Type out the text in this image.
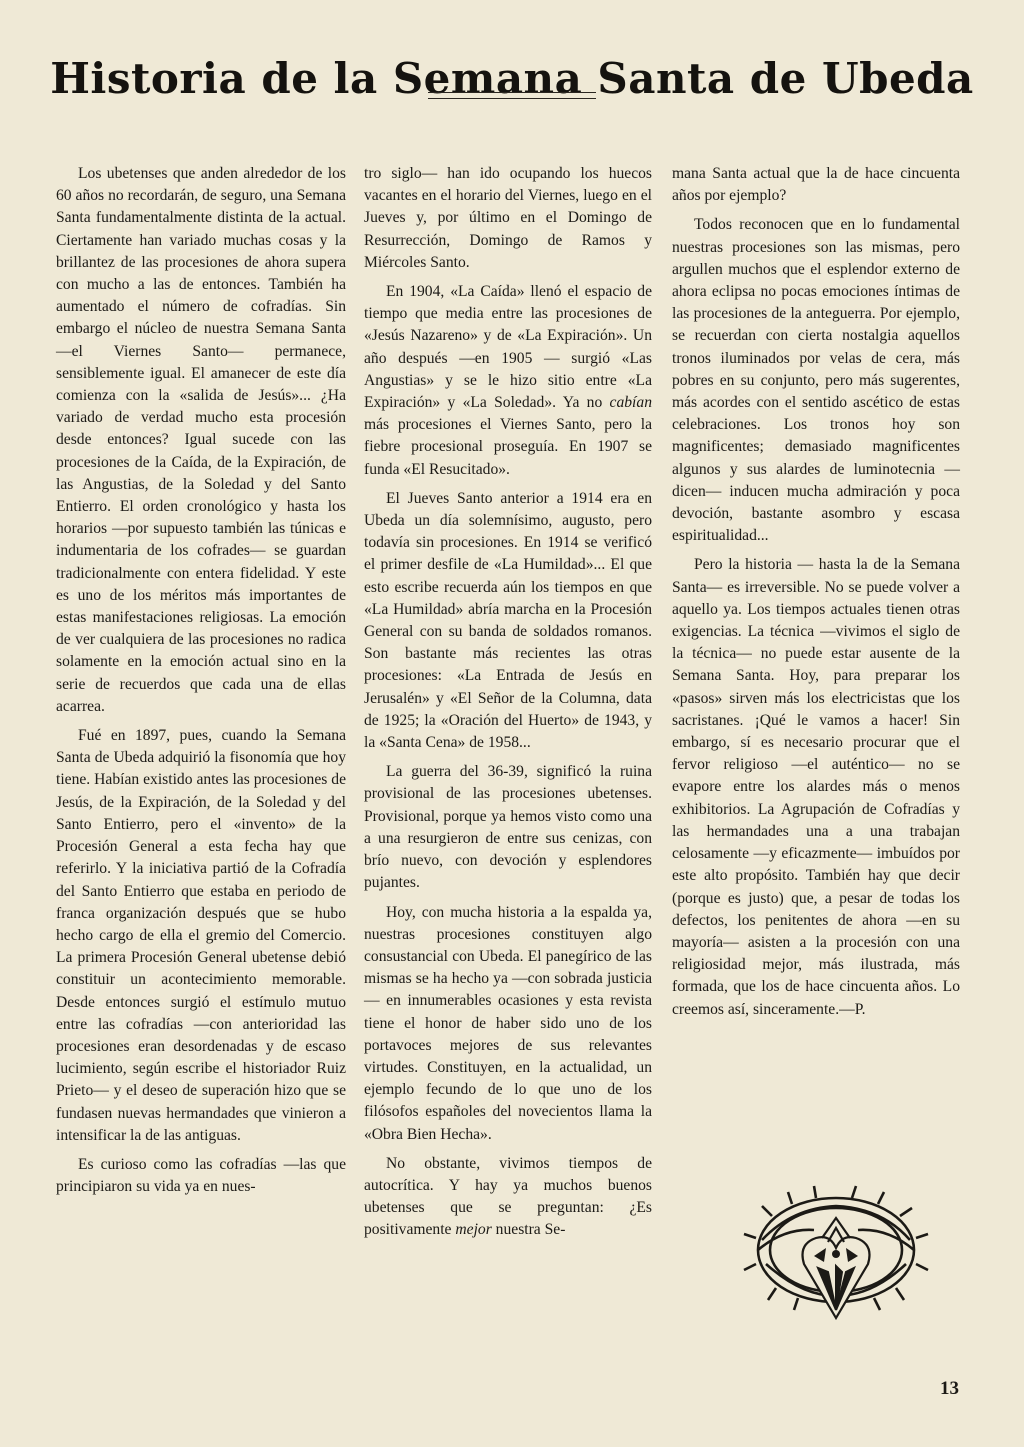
Historia de la Semana Santa de Ubeda

Los ubetenses que anden alrededor de los 60 años no recordarán, de seguro, una Semana Santa fundamentalmente distinta de la actual. Ciertamente han variado muchas cosas y la brillantez de las procesiones de ahora supera con mucho a las de entonces. También ha aumentado el número de cofradías. Sin embargo el núcleo de nuestra Semana Santa —el Viernes Santo— permanece, sensiblemente igual. El amanecer de este día comienza con la «salida de Jesús»... ¿Ha variado de verdad mucho esta procesión desde entonces? Igual sucede con las procesiones de la Caída, de la Expiración, de las Angustias, de la Soledad y del Santo Entierro. El orden cronológico y hasta los horarios —por supuesto también las túnicas e indumentaria de los cofrades— se guardan tradicionalmente con entera fidelidad. Y este es uno de los méritos más importantes de estas manifestaciones religiosas. La emoción de ver cualquiera de las procesiones no radica solamente en la emoción actual sino en la serie de recuerdos que cada una de ellas acarrea.

Fué en 1897, pues, cuando la Semana Santa de Ubeda adquirió la fisonomía que hoy tiene. Habían existido antes las procesiones de Jesús, de la Expiración, de la Soledad y del Santo Entierro, pero el «invento» de la Procesión General a esta fecha hay que referirlo. Y la iniciativa partió de la Cofradía del Santo Entierro que estaba en periodo de franca organización después que se hubo hecho cargo de ella el gremio del Comercio. La primera Procesión General ubetense debió constituir un acontecimiento memorable. Desde entonces surgió el estímulo mutuo entre las cofradías —con anterioridad las procesiones eran desordenadas y de escaso lucimiento, según escribe el historiador Ruiz Prieto— y el deseo de superación hizo que se fundasen nuevas hermandades que vinieron a intensificar la de las antiguas.

Es curioso como las cofradías —las que principiaron su vida ya en nues-

tro siglo— han ido ocupando los huecos vacantes en el horario del Viernes, luego en el Jueves y, por último en el Domingo de Resurrección, Domingo de Ramos y Miércoles Santo.

En 1904, «La Caída» llenó el espacio de tiempo que media entre las procesiones de «Jesús Nazareno» y de «La Expiración». Un año después —en 1905 — surgió «Las Angustias» y se le hizo sitio entre «La Expiración» y «La Soledad». Ya no cabían más procesiones el Viernes Santo, pero la fiebre procesional proseguía. En 1907 se funda «El Resucitado».

El Jueves Santo anterior a 1914 era en Ubeda un día solemnísimo, augusto, pero todavía sin procesiones. En 1914 se verificó el primer desfile de «La Humildad»... El que esto escribe recuerda aún los tiempos en que «La Humildad» abría marcha en la Procesión General con su banda de soldados romanos. Son bastante más recientes las otras procesiones: «La Entrada de Jesús en Jerusalén» y «El Señor de la Columna, data de 1925; la «Oración del Huerto» de 1943, y la «Santa Cena» de 1958...

La guerra del 36-39, significó la ruina provisional de las procesiones ubetenses. Provisional, porque ya hemos visto como una a una resurgieron de entre sus cenizas, con brío nuevo, con devoción y esplendores pujantes.

Hoy, con mucha historia a la espalda ya, nuestras procesiones constituyen algo consustancial con Ubeda. El panegírico de las mismas se ha hecho ya —con sobrada justicia— en innumerables ocasiones y esta revista tiene el honor de haber sido uno de los portavoces mejores de sus relevantes virtudes. Constituyen, en la actualidad, un ejemplo fecundo de lo que uno de los filósofos españoles del novecientos llama la «Obra Bien Hecha».

No obstante, vivimos tiempos de autocrítica. Y hay ya muchos buenos ubetenses que se preguntan: ¿Es positivamente mejor nuestra Se-

mana Santa actual que la de hace cincuenta años por ejemplo?

Todos reconocen que en lo fundamental nuestras procesiones son las mismas, pero argullen muchos que el esplendor externo de ahora eclipsa no pocas emociones íntimas de las procesiones de la anteguerra. Por ejemplo, se recuerdan con cierta nostalgia aquellos tronos iluminados por velas de cera, más pobres en su conjunto, pero más sugerentes, más acordes con el sentido ascético de estas celebraciones. Los tronos hoy son magnificentes; demasiado magnificentes algunos y sus alardes de luminotecnia —dicen— inducen mucha admiración y poca devoción, bastante asombro y escasa espiritualidad...

Pero la historia — hasta la de la Semana Santa— es irreversible. No se puede volver a aquello ya. Los tiempos actuales tienen otras exigencias. La técnica —vivimos el siglo de la técnica— no puede estar ausente de la Semana Santa. Hoy, para preparar los «pasos» sirven más los electricistas que los sacristanes. ¡Qué le vamos a hacer! Sin embargo, sí es necesario procurar que el fervor religioso —el auténtico— no se evapore entre los alardes más o menos exhibitorios. La Agrupación de Cofradías y las hermandades una a una trabajan celosamente —y eficazmente— imbuídos por este alto propósito. También hay que decir (porque es justo) que, a pesar de todas los defectos, los penitentes de ahora —en su mayoría— asisten a la procesión con una religiosidad mejor, más ilustrada, más formada, que los de hace cincuenta años. Lo creemos así, sinceramente.—P.

13
